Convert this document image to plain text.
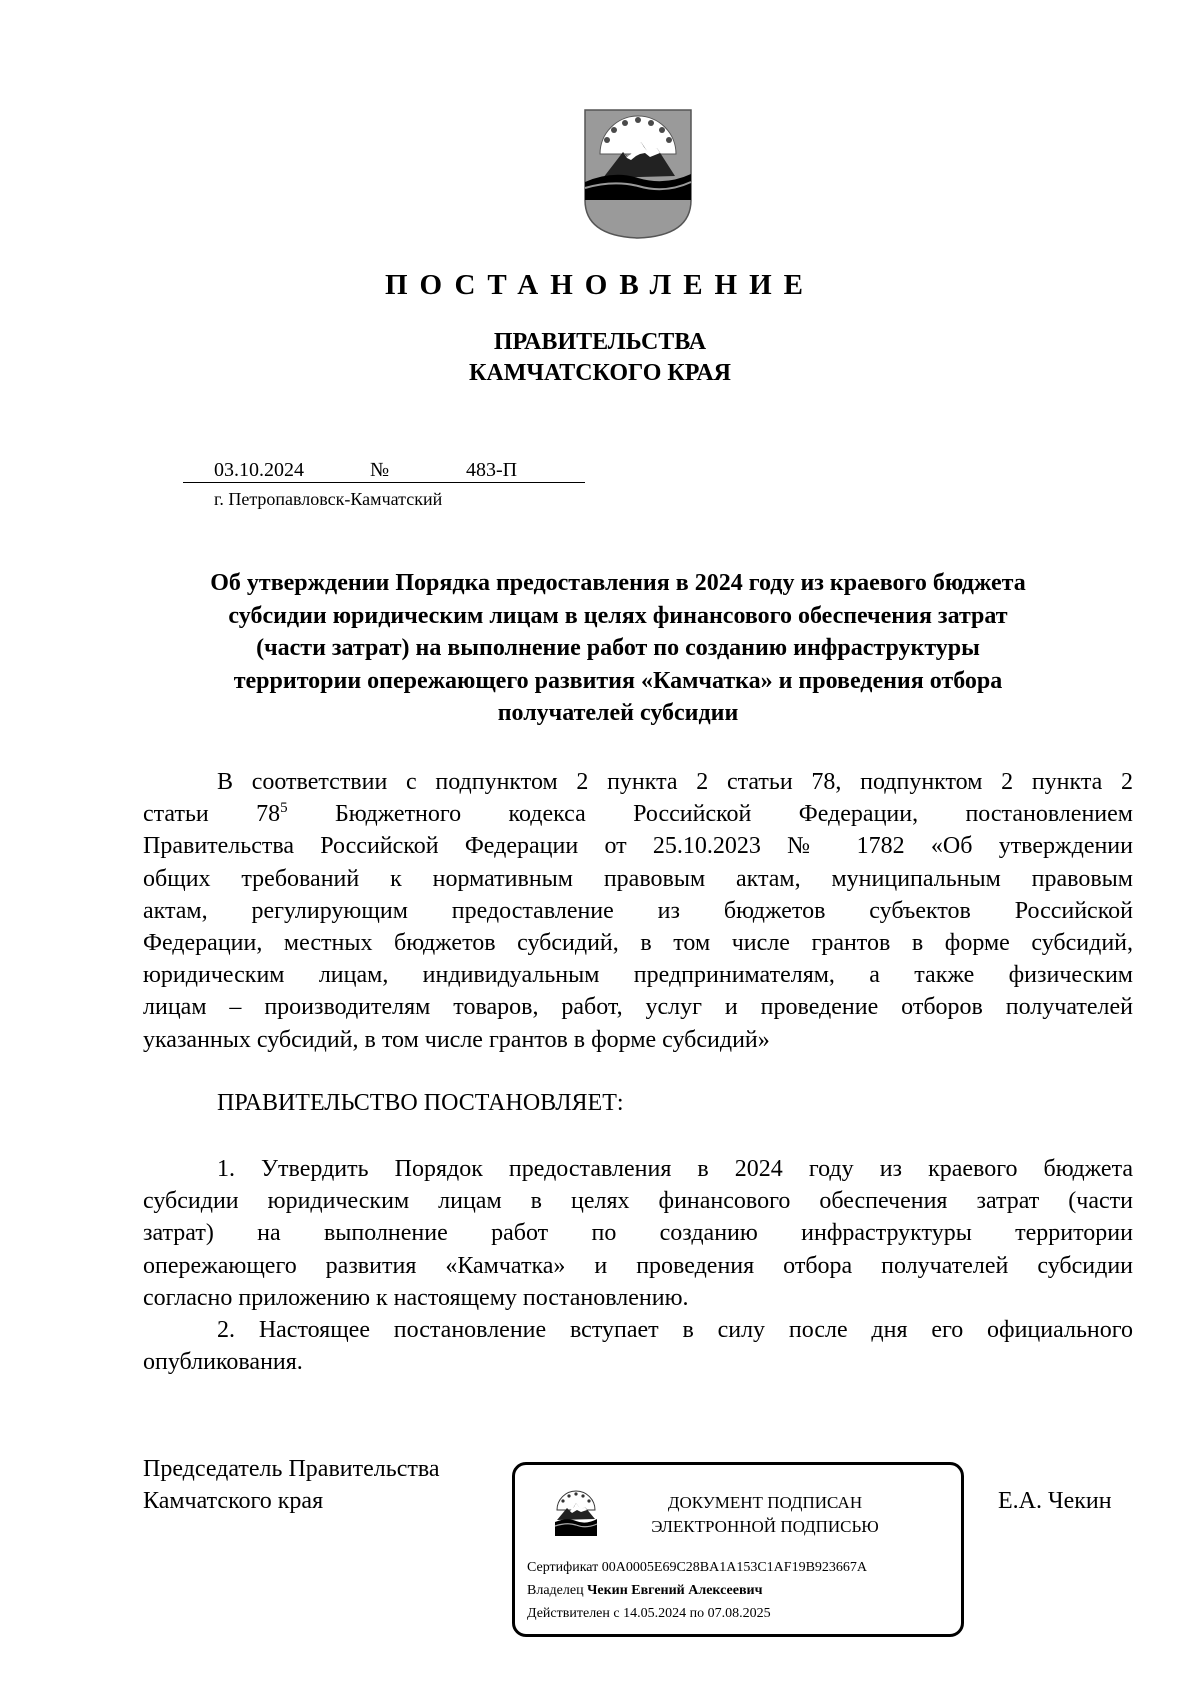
ПОСТАНОВЛЕНИЕ
ПРАВИТЕЛЬСТВА
КАМЧАТСКОГО КРАЯ
03.10.2024	№	483-П
г. Петропавловск-Камчатский
Об утверждении Порядка предоставления в 2024 году из краевого бюджета
субсидии юридическим лицам в целях финансового обеспечения затрат
(части затрат) на выполнение работ по созданию инфраструктуры
территории опережающего развития «Камчатка» и проведения отбора
получателей субсидии
В соответствии с подпунктом 2 пункта 2 статьи 78, подпунктом 2 пункта 2
статьи $78^5$ Бюджетного кодекса Российской Федерации, постановлением
Правительства Российской Федерации от 25.10.2023 № 1782 «Об утверждении
общих требований к нормативным правовым актам, муниципальным правовым
актам, регулирующим предоставление из бюджетов субъектов Российской
Федерации, местных бюджетов субсидий, в том числе грантов в форме субсидий,
юридическим лицам, индивидуальным предпринимателям, а также физическим
лицам – производителям товаров, работ, услуг и проведение отборов получателей
указанных субсидий, в том числе грантов в форме субсидий»
ПРАВИТЕЛЬСТВО ПОСТАНОВЛЯЕТ:
1. Утвердить Порядок предоставления в 2024 году из краевого бюджета
субсидии юридическим лицам в целях финансового обеспечения затрат (части
затрат) на выполнение работ по созданию инфраструктуры территории
опережающего развития «Камчатка» и проведения отбора получателей субсидии
согласно приложению к настоящему постановлению.
2. Настоящее постановление вступает в силу после дня его официального
опубликования.
Председатель Правительства
Камчатского края	ДОКУМЕНТ ПОДПИСАН
ЭЛЕКТРОННОЙ ПОДПИСЬЮ
Сертификат 00A0005E69C28BA1A153C1AF19B923667A
Владелец Чекин Евгений Алексеевич
Действителен с 14.05.2024 по 07.08.2025
Е.А. Чекин
